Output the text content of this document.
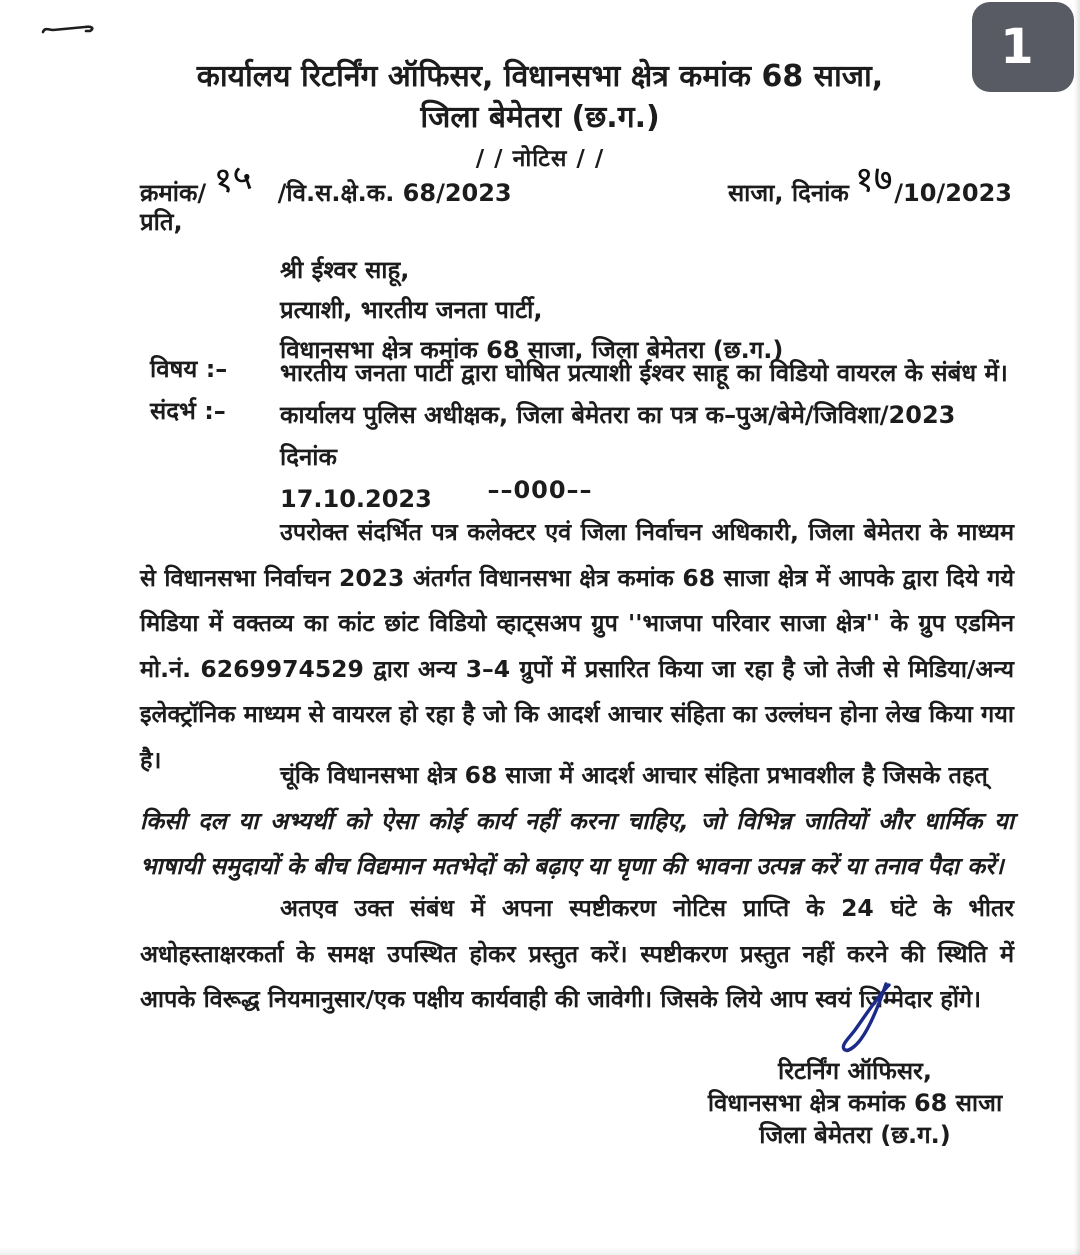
1
कार्यालय रिटर्निंग ऑफिसर, विधानसभा क्षेत्र कमांक 68 साजा,
जिला बेमेतरा (छ.ग.)
/ / नोटिस / /
क्रमांक/ १५ /वि.स.क्षे.क. 68/2023	साजा, दिनांक १७/10/2023
प्रति,
श्री ईश्वर साहू,
प्रत्याशी, भारतीय जनता पार्टी,
विधानसभा क्षेत्र कमांक 68 साजा, जिला बेमेतरा (छ.ग.)
विषय :– भारतीय जनता पार्टी द्वारा घोषित प्रत्याशी ईश्वर साहू का विडियो वायरल के संबंध में।
संदर्भ :– कार्यालय पुलिस अधीक्षक, जिला बेमेतरा का पत्र क–पुअ/बेमे/जिविशा/2023 दिनांक
17.10.2023	––000––
उपरोक्त संदर्भित पत्र कलेक्टर एवं जिला निर्वाचन अधिकारी, जिला बेमेतरा के माध्यम से विधानसभा निर्वाचन 2023 अंतर्गत विधानसभा क्षेत्र कमांक 68 साजा क्षेत्र में आपके द्वारा दिये गये मिडिया में वक्तव्य का कांट छांट विडियो व्हाट्सअप ग्रुप ''भाजपा परिवार साजा क्षेत्र'' के ग्रुप एडमिन मो.नं. 6269974529 द्वारा अन्य 3–4 ग्रुपों में प्रसारित किया जा रहा है जो तेजी से मिडिया/अन्य इलेक्ट्रॉनिक माध्यम से वायरल हो रहा है जो कि आदर्श आचार संहिता का उल्लंघन होना लेख किया गया है।
चूंकि विधानसभा क्षेत्र 68 साजा में आदर्श आचार संहिता प्रभावशील है जिसके तहत्
किसी दल या अभ्यर्थी को ऐसा कोई कार्य नहीं करना चाहिए, जो विभिन्न जातियों और धार्मिक या भाषायी समुदायों के बीच विद्यमान मतभेदों को बढ़ाए या घृणा की भावना उत्पन्न करें या तनाव पैदा करें।
अतएव उक्त संबंध में अपना स्पष्टीकरण नोटिस प्राप्ति के 24 घंटे के भीतर अधोहस्ताक्षरकर्ता के समक्ष उपस्थित होकर प्रस्तुत करें। स्पष्टीकरण प्रस्तुत नहीं करने की स्थिति में आपके विरूद्ध नियमानुसार/एक पक्षीय कार्यवाही की जावेगी। जिसके लिये आप स्वयं जिम्मेदार होंगे।
रिटर्निंग ऑफिसर,
विधानसभा क्षेत्र कमांक 68 साजा
जिला बेमेतरा (छ.ग.)
